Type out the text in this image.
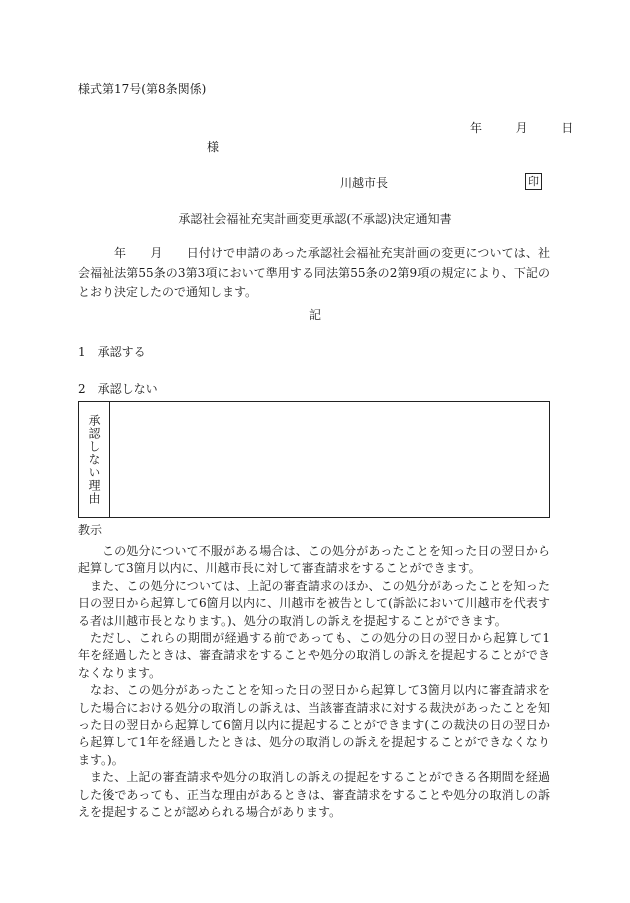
様式第17号(第8条関係)
年	月	日
様
川越市長	印
承認社会福祉充実計画変更承認(不承認)決定通知書
年　　月　　日付けで申請のあった承認社会福祉充実計画の変更については、社会福祉法第55条の3第3項において準用する同法第55条の2第9項の規定により、下記のとおり決定したので通知します。
記
1　承認する
2　承認しない
承認しない理由
教示

この処分について不服がある場合は、この処分があったことを知った日の翌日から起算して3箇月以内に、川越市長に対して審査請求をすることができます。

また、この処分については、上記の審査請求のほか、この処分があったことを知った日の翌日から起算して6箇月以内に、川越市を被告として(訴訟において川越市を代表する者は川越市長となります。)、処分の取消しの訴えを提起することができます。

ただし、これらの期間が経過する前であっても、この処分の日の翌日から起算して1年を経過したときは、審査請求をすることや処分の取消しの訴えを提起することができなくなります。

なお、この処分があったことを知った日の翌日から起算して3箇月以内に審査請求をした場合における処分の取消しの訴えは、当該審査請求に対する裁決があったことを知った日の翌日から起算して6箇月以内に提起することができます(この裁決の日の翌日から起算して1年を経過したときは、処分の取消しの訴えを提起することができなくなります。)。

また、上記の審査請求や処分の取消しの訴えの提起をすることができる各期間を経過した後であっても、正当な理由があるときは、審査請求をすることや処分の取消しの訴えを提起することが認められる場合があります。
